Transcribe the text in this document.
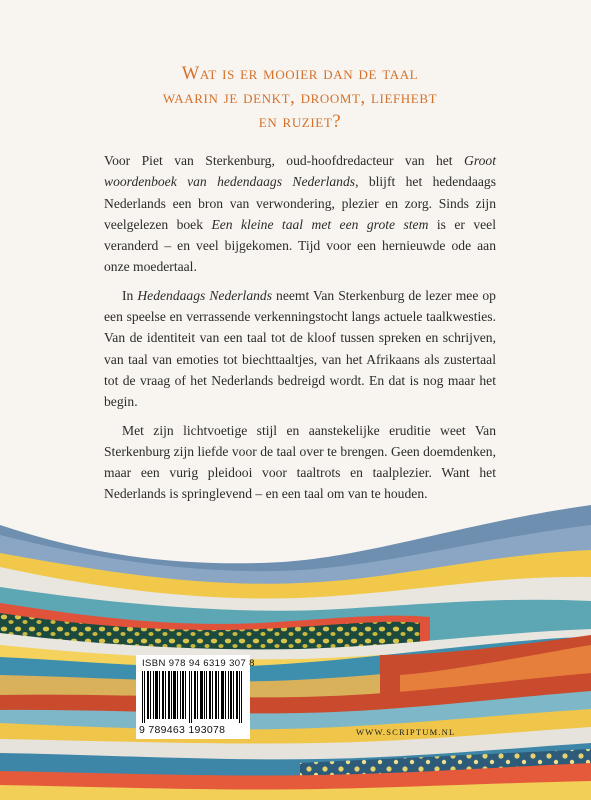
Wat is er mooier dan de taal
waarin je denkt, droomt, liefhebt
en ruziet?

Voor Piet van Sterkenburg, oud-hoofdredacteur van het Groot woordenboek van hedendaags Nederlands, blijft het hedendaags Nederlands een bron van verwondering, plezier en zorg. Sinds zijn veelgelezen boek Een kleine taal met een grote stem is er veel veranderd – en veel bijgekomen. Tijd voor een hernieuwde ode aan onze moedertaal.

In Hedendaags Nederlands neemt Van Sterkenburg de lezer mee op een speelse en verrassende verkenningstocht langs actuele taalkwesties. Van de identiteit van een taal tot de kloof tussen spreken en schrijven, van taal van emoties tot biechttaaltjes, van het Afrikaans als zustertaal tot de vraag of het Nederlands bedreigd wordt. En dat is nog maar het begin.

Met zijn lichtvoetige stijl en aanstekelijke eruditie weet Van Sterkenburg zijn liefde voor de taal over te brengen. Geen doemdenken, maar een vurig pleidooi voor taaltrots en taalplezier. Want het Nederlands is springlevend – en een taal om van te houden.

ISBN 978 94 6319 307 8
9 789463 193078	WWW.SCRIPTUM.NL
